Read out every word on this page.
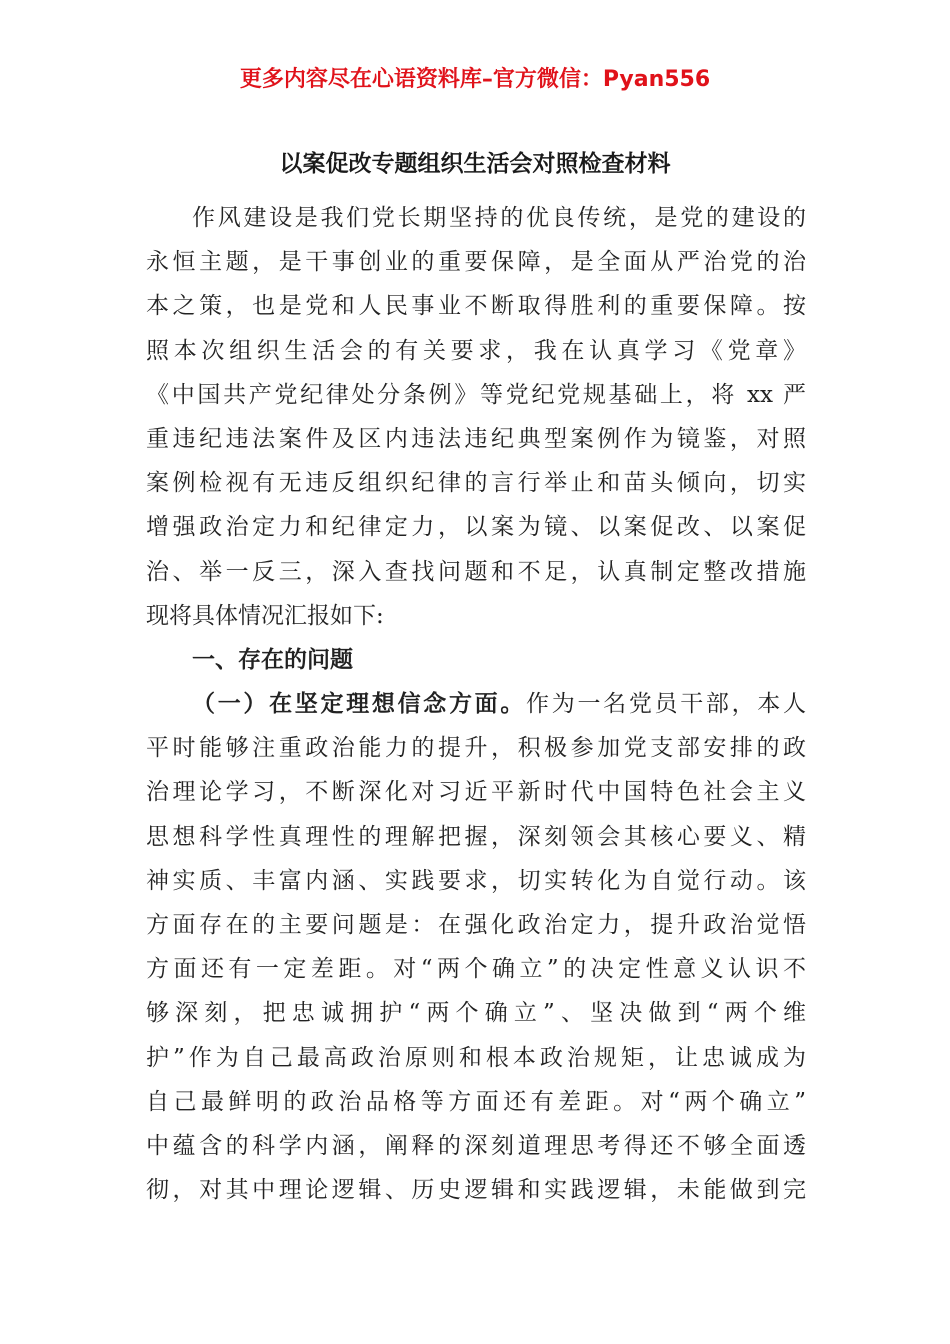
更多内容尽在心语资料库–官方微信：Pyan556
以案促改专题组织生活会对照检查材料
作风建设是我们党长期坚持的优良传统，是党的建设的
永恒主题，是干事创业的重要保障，是全面从严治党的治
本之策，也是党和人民事业不断取得胜利的重要保障。按
照本次组织生活会的有关要求，我在认真学习《党章》
《中国共产党纪律处分条例》等党纪党规基础上，将 xx 严
重违纪违法案件及区内违法违纪典型案例作为镜鉴，对照
案例检视有无违反组织纪律的言行举止和苗头倾向，切实
增强政治定力和纪律定力，以案为镜、以案促改、以案促
治、举一反三，深入查找问题和不足，认真制定整改措施
现将具体情况汇报如下:
一、存在的问题
（一）在坚定理想信念方面。作为一名党员干部，本人
平时能够注重政治能力的提升，积极参加党支部安排的政
治理论学习，不断深化对习近平新时代中国特色社会主义
思想科学性真理性的理解把握，深刻领会其核心要义、精
神实质、丰富内涵、实践要求，切实转化为自觉行动。该
方面存在的主要问题是：在强化政治定力，提升政治觉悟
方面还有一定差距。对“两个确立”的决定性意义认识不
够深刻，把忠诚拥护“两个确立”、坚决做到“两个维
护”作为自己最高政治原则和根本政治规矩，让忠诚成为
自己最鲜明的政治品格等方面还有差距。对“两个确立”
中蕴含的科学内涵，阐释的深刻道理思考得还不够全面透
彻，对其中理论逻辑、历史逻辑和实践逻辑，未能做到完
